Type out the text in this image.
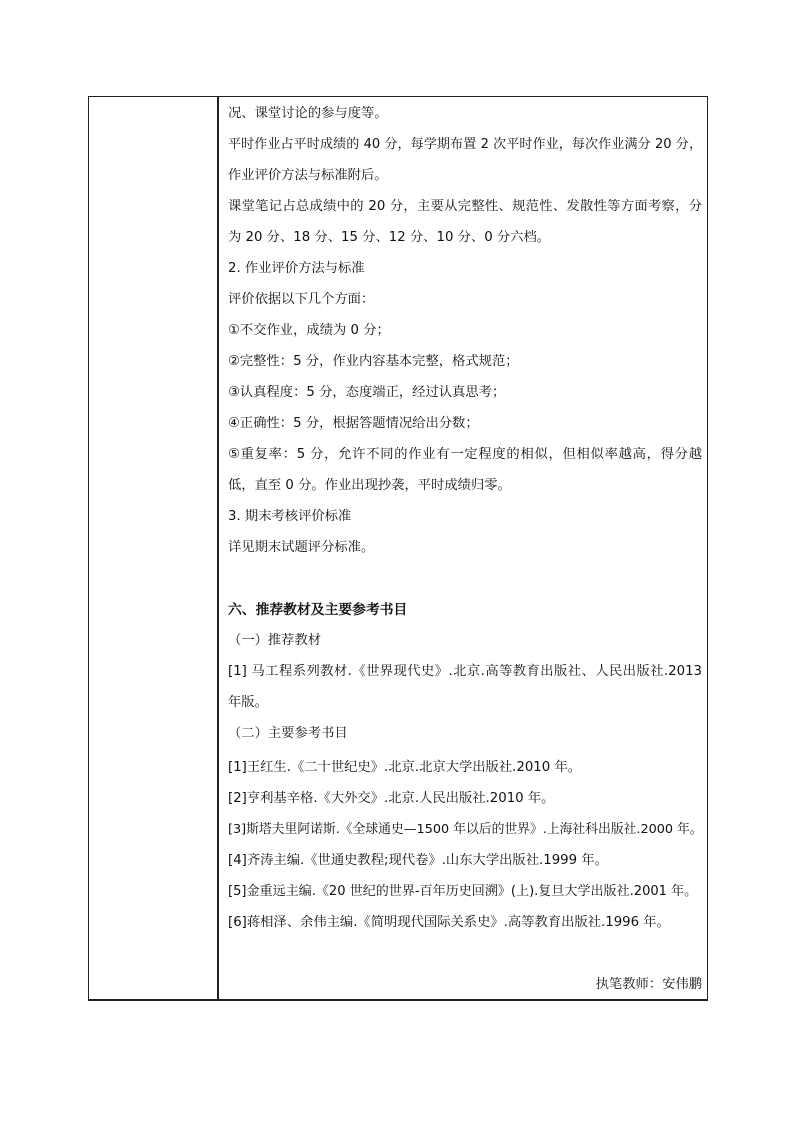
况、课堂讨论的参与度等。
平时作业占平时成绩的 40 分，每学期布置 2 次平时作业，每次作业满分 20 分，
作业评价方法与标准附后。
课堂笔记占总成绩中的 20 分，主要从完整性、规范性、发散性等方面考察，分
为 20 分、18 分、15 分、12 分、10 分、0 分六档。
2. 作业评价方法与标准
评价依据以下几个方面：
①不交作业，成绩为 0 分；
②完整性：5 分，作业内容基本完整，格式规范；
③认真程度：5 分，态度端正，经过认真思考；
④正确性：5 分，根据答题情况给出分数；
⑤重复率：5 分，允许不同的作业有一定程度的相似，但相似率越高，得分越
低，直至 0 分。作业出现抄袭，平时成绩归零。
3. 期末考核评价标准
详见期末试题评分标准。
六、推荐教材及主要参考书目
（一）推荐教材
[1] 马工程系列教材.《世界现代史》.北京.高等教育出版社、人民出版社.2013
年版。
（二）主要参考书目
[1]王红生.《二十世纪史》.北京.北京大学出版社.2010 年。
[2]亨利基辛格.《大外交》.北京.人民出版社.2010 年。
[3]斯塔夫里阿诺斯.《全球通史—1500 年以后的世界》.上海社科出版社.2000 年。
[4]齐涛主编.《世通史教程;现代卷》.山东大学出版社.1999 年。
[5]金重远主编.《20 世纪的世界-百年历史回溯》(上).复旦大学出版社.2001 年。
[6]蒋相泽、余伟主编.《简明现代国际关系史》.高等教育出版社.1996 年。
执笔教师：安伟鹏
